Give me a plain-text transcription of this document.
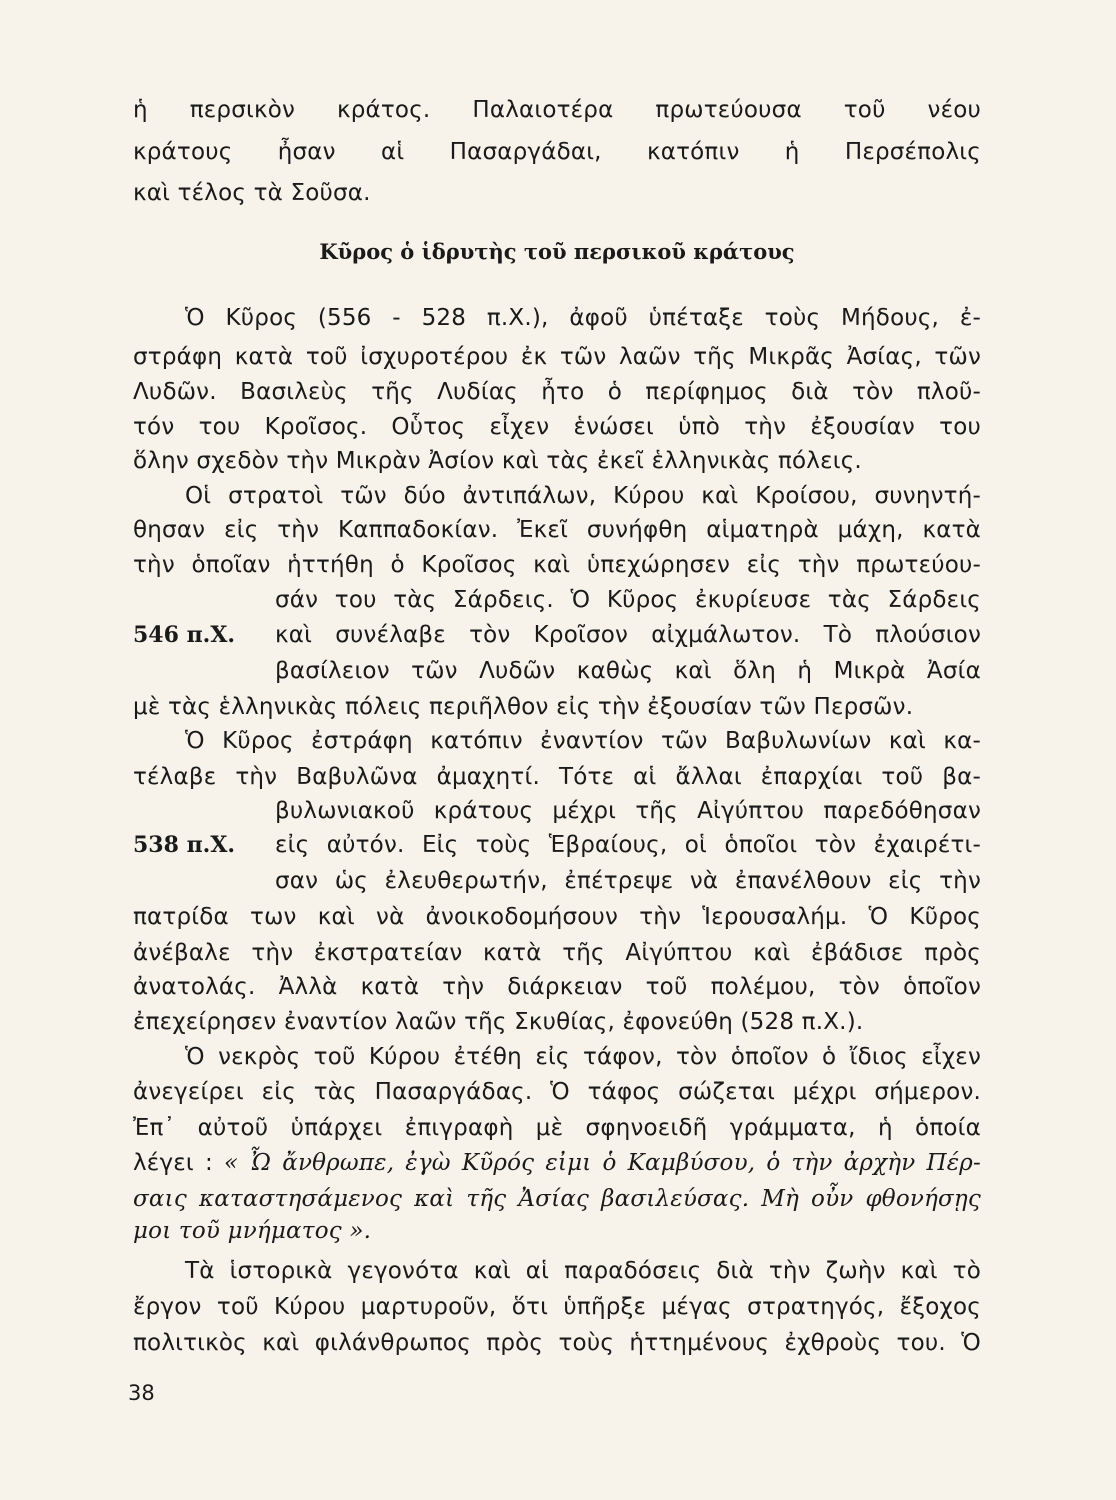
ἡ περσικὸν κράτος. Παλαιοτέρα πρωτεύουσα τοῦ νέου
κράτους ἦσαν αἱ Πασαργάδαι, κατόπιν ἡ Περσέπολις
καὶ τέλος τὰ Σοῦσα.
Κῦρος ὁ ἱδρυτὴς τοῦ περσικοῦ κράτους
Ὁ Κῦρος (556 - 528 π.Χ.), ἀφοῦ ὑπέταξε τοὺς Μήδους, ἐ-
στράφη κατὰ τοῦ ἰσχυροτέρου ἐκ τῶν λαῶν τῆς Μικρᾶς Ἀσίας, τῶν
Λυδῶν. Βασιλεὺς τῆς Λυδίας ἦτο ὁ περίφημος διὰ τὸν πλοῦ-
τόν του Κροῖσος. Οὗτος εἶχεν ἑνώσει ὑπὸ τὴν ἐξουσίαν του
ὅλην σχεδὸν τὴν Μικρὰν Ἀσίον καὶ τὰς ἐκεῖ ἑλληνικὰς πόλεις.
Οἱ στρατοὶ τῶν δύο ἀντιπάλων, Κύρου καὶ Κροίσου, συνηντή-
θησαν εἰς τὴν Καππαδοκίαν. Ἐκεῖ συνήφθη αἱματηρὰ μάχη, κατὰ
τὴν ὁποῖαν ἡττήθη ὁ Κροῖσος καὶ ὑπεχώρησεν εἰς τὴν πρωτεύου-
σάν του τὰς Σάρδεις. Ὁ Κῦρος ἐκυρίευσε τὰς Σάρδεις
546 π.Χ. καὶ συνέλαβε τὸν Κροῖσον αἰχμάλωτον. Τὸ πλούσιον
βασίλειον τῶν Λυδῶν καθὼς καὶ ὅλη ἡ Μικρὰ Ἀσία
μὲ τὰς ἑλληνικὰς πόλεις περιῆλθον εἰς τὴν ἐξουσίαν τῶν Περσῶν.
Ὁ Κῦρος ἐστράφη κατόπιν ἐναντίον τῶν Βαβυλωνίων καὶ κα-
τέλαβε τὴν Βαβυλῶνα ἀμαχητί. Τότε αἱ ἄλλαι ἐπαρχίαι τοῦ βα-
βυλωνιακοῦ κράτους μέχρι τῆς Αἰγύπτου παρεδόθησαν
538 π.Χ. εἰς αὐτόν. Εἰς τοὺς Ἑβραίους, οἱ ὁποῖοι τὸν ἐχαιρέτι-
σαν ὡς ἐλευθερωτήν, ἐπέτρεψε νὰ ἐπανέλθουν εἰς τὴν
πατρίδα των καὶ νὰ ἀνοικοδομήσουν τὴν Ἱερουσαλήμ. Ὁ Κῦρος
ἀνέβαλε τὴν ἐκστρατείαν κατὰ τῆς Αἰγύπτου καὶ ἐβάδισε πρὸς
ἀνατολάς. Ἀλλὰ κατὰ τὴν διάρκειαν τοῦ πολέμου, τὸν ὁποῖον
ἐπεχείρησεν ἐναντίον λαῶν τῆς Σκυθίας, ἐφονεύθη (528 π.Χ.).
Ὁ νεκρὸς τοῦ Κύρου ἐτέθη εἰς τάφον, τὸν ὁποῖον ὁ ἴδιος εἶχεν
ἀνεγείρει εἰς τὰς Πασαργάδας. Ὁ τάφος σώζεται μέχρι σήμερον.
Ἐπ᾿ αὐτοῦ ὑπάρχει ἐπιγραφὴ μὲ σφηνοειδῆ γράμματα, ἡ ὁποία
λέγει : « Ὦ ἄνθρωπε, ἐγὼ Κῦρός εἰμι ὁ Καμβύσου, ὁ τὴν ἀρχὴν Πέρ-
σαις καταστησάμενος καὶ τῆς Ἀσίας βασιλεύσας. Μὴ οὖν φθονήσῃς
μοι τοῦ μνήματος ».
Τὰ ἱστορικὰ γεγονότα καὶ αἱ παραδόσεις διὰ τὴν ζωὴν καὶ τὸ
ἔργον τοῦ Κύρου μαρτυροῦν, ὅτι ὑπῆρξε μέγας στρατηγός, ἔξοχος
πολιτικὸς καὶ φιλάνθρωπος πρὸς τοὺς ἡττημένους ἐχθροὺς του. Ὁ
38
